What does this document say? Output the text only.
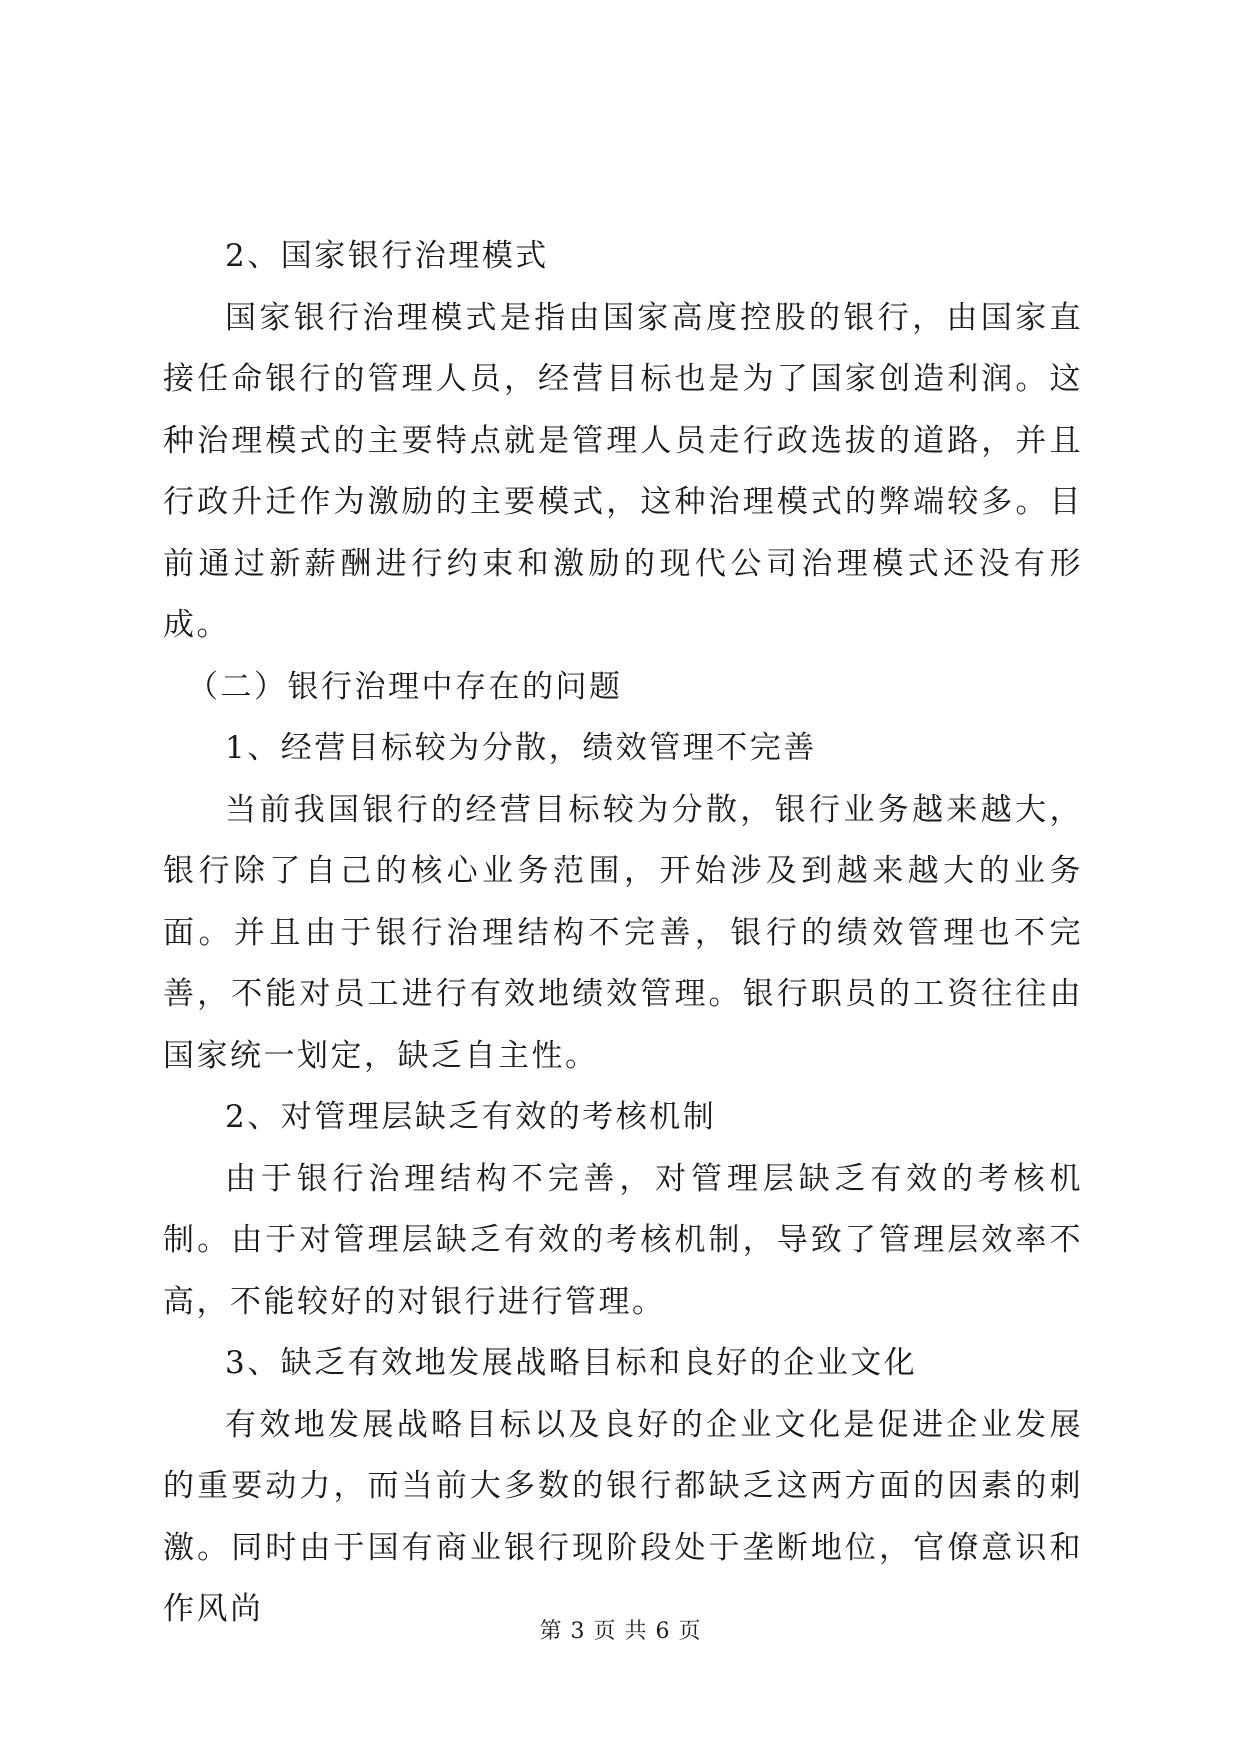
2、国家银行治理模式

国家银行治理模式是指由国家高度控股的银行，由国家直接任命银行的管理人员，经营目标也是为了国家创造利润。这种治理模式的主要特点就是管理人员走行政选拔的道路，并且行政升迁作为激励的主要模式，这种治理模式的弊端较多。目前通过新薪酬进行约束和激励的现代公司治理模式还没有形成。

（二）银行治理中存在的问题

1、经营目标较为分散，绩效管理不完善

当前我国银行的经营目标较为分散，银行业务越来越大，银行除了自己的核心业务范围，开始涉及到越来越大的业务面。并且由于银行治理结构不完善，银行的绩效管理也不完善，不能对员工进行有效地绩效管理。银行职员的工资往往由国家统一划定，缺乏自主性。

2、对管理层缺乏有效的考核机制

由于银行治理结构不完善，对管理层缺乏有效的考核机制。由于对管理层缺乏有效的考核机制，导致了管理层效率不高，不能较好的对银行进行管理。

3、缺乏有效地发展战略目标和良好的企业文化

有效地发展战略目标以及良好的企业文化是促进企业发展的重要动力，而当前大多数的银行都缺乏这两方面的因素的刺激。同时由于国有商业银行现阶段处于垄断地位，官僚意识和作风尚

第 3 页 共 6 页
